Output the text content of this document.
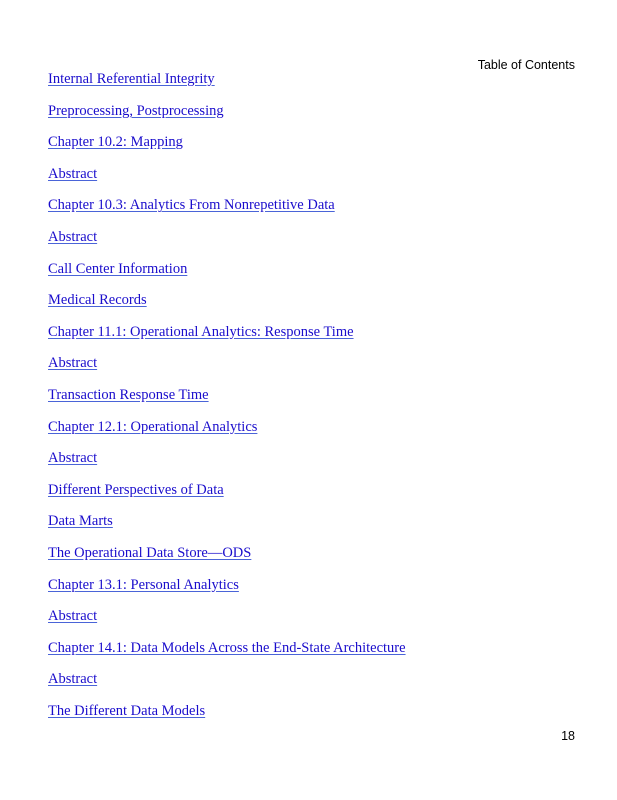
Table of Contents
Internal Referential Integrity
Preprocessing, Postprocessing
Chapter 10.2: Mapping
Abstract
Chapter 10.3: Analytics From Nonrepetitive Data
Abstract
Call Center Information
Medical Records
Chapter 11.1: Operational Analytics: Response Time
Abstract
Transaction Response Time
Chapter 12.1: Operational Analytics
Abstract
Different Perspectives of Data
Data Marts
The Operational Data Store—ODS
Chapter 13.1: Personal Analytics
Abstract
Chapter 14.1: Data Models Across the End-State Architecture
Abstract
The Different Data Models
18
